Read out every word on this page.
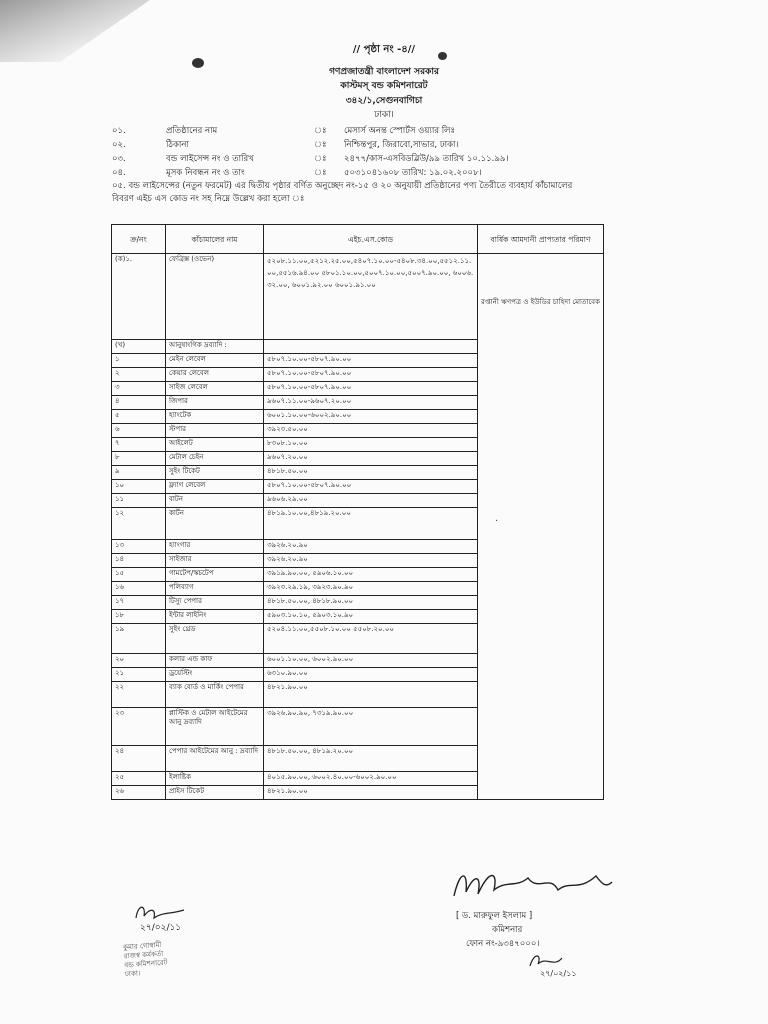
// পৃষ্ঠা নং -৪//
গণপ্রজাতন্ত্রী বাংলাদেশ সরকার
কাস্টমস্ বন্ড কমিশনারেট
৩৪২/১,সেগুনবাগিচা
ঢাকা।
০১.	প্রতিষ্ঠানের নাম	ঃ মেসার্স অনন্ত স্পোর্টস ওয়্যার লিঃ
০২.	ঠিকানা	ঃ নিশ্চিন্তপুর, জিরাবো,সাভার, ঢাকা।
০৩.	বন্ড লাইসেন্স নং ও তারিখ	ঃ ২৪৭৭/কাস-এসবিডব্লিউ/৯৯ তারিখ ১০.১১.৯৯।
০৪.	মূসক নিবন্ধন নং ও তাং	ঃ ৫০৩১০৪১৬০৮ তারিখ: ১৯.০২.২০০৮।
০৫. বন্ড লাইসেন্সের (নতুন ফরমেট) এর দ্বিতীয় পৃষ্ঠার বর্ণিত অনুচ্ছেদ নং-১৫ ও ২০ অনুযায়ী প্রতিষ্ঠানের পণ্য তৈরীতে ব্যবহার্য কাঁচামালের বিবরণ এইচ এস কোড নং সহ নিম্নে উল্লেখ করা হলো ঃ
ক্র/নং	কাঁচামালের নাম	এইচ.এস.কোড	বার্ষিক আমদানী প্রাপ্যতার পরিমাণ
(ক)১.	ফেব্রিক্স (ওভেন)	৫২০৮.১১.০০,৫২১২.২৫.০০,৫৪০৭.১০.০০-৫৪০৮.৩৪.০০,৫৫১২.১১.০০,৫৫১৬.৯৪.০০ ৫৮০১.১০.০০,৫০০৭.১০.০০,৫০০৭.৯০.০০, ৬০০৬.৩২.০০, ৬০০১.৯২.০০ ৬০০১.৯১.০০	রপ্তানী ঋণপত্র ও ইউডির চাহিদা মোতাবেক
(খ)	আনুষাংগিক দ্রব্যাদি :		
১	মেইন লেবেল	৫৮০৭.১০.০০-৫৮০৭.৯০.০০	
২	কেয়ার লেবেল	৫৮০৭.১০.০০-৫৮০৭.৯০.০০	
৩	সাইজ লেবেল	৫৮০৭.১০.০০-৫৮০৭.৯০.০০	
৪	জিপার	৯৬০৭.১১.০০-৯৬০৭.২০.০০	
৫	হ্যাংটেক	৬০০১.১০.০০-৬০০২.৯০.০০	
৬	স্টপার	৩৯২৩.৫০.০০	
৭	আইলেট	৮৩০৮.১০.০০	
৮	মেটাল চেইন	৯৬০৭.২০.০০	
৯	সুইং টিকেট	৪৮১৮.৫০.০০	
১০	ফ্ল্যাগ লেবেল	৫৮০৭.১০.০০-৫৮০৭.৯০.০০	
১১	বাটন	৯৬০৬.২৯.০০	
১২	কার্টন	৪৮১৯.১০.০০,৪৮১৯.২০.০০	
১৩	হ্যাংগার	৩৯২৬.২০.৯০	
১৪	সাইজার	৩৯২৬.২০.৯০	
১৫	গামটেপ/স্কচটেপ	৩৯১৯.৯০.০০, ৫৯০৬.১০.০০	
১৬	পলিব্যাগ	৩৯২৩.২৯.১৯, ৩৯২৩.৯০.৯০	
১৭	টিস্যু পেপার	৪৮১৮.৫০.০০, ৪৮১৮.৯০.০০	
১৮	ইন্টার লাইনিং	৫৯০৩.১০.১০, ৫৯০৩.১০.৯০	
১৯	সুইং থ্রেড	৫২০৪.১১.০০,৫৫০৮.১০.০০ ৫৫০৮.২০.০০	
২০	কলার এন্ড কাফ	৬০০১.১০.০০, ৬০০২.৯০.০০	
২১	ড্রয়েস্টিং	৬৩১০.৯০.০০	
২২	ব্যাক বোর্ড ও মার্কিং পেপার	৪৮২১.৯০.০০	
২৩	প্লাস্টিক ও মেটাল আইটেমের আনু দ্রব্যাদি	৩৯২৬.৯০.৯০, ৭৩১৯.৯০.০০	
২৪	পেপার আইটেমের আনু : দ্রব্যাদি	৪৮১৮.৫০.০০, ৪৮১৯.২০.০০	
২৫	ইলাষ্টিক	৪০১৫.৯০.০০, ৬০০২.৪০.০০-৬০০২.৯০.০০	
২৬	প্রাইস টিকেট	৪৮২১.৯০.০০	
[ ড. মারুফুল ইসলাম ]
কমিশনার
ফোন নং-৯৩৪৭০০০।
২৭/০২/১১
২৭/০২/১১
কুমার গোস্বামী
রাজস্ব কর্মকর্তা
বন্ড কমিশনারেট
ঢাকা।
·
